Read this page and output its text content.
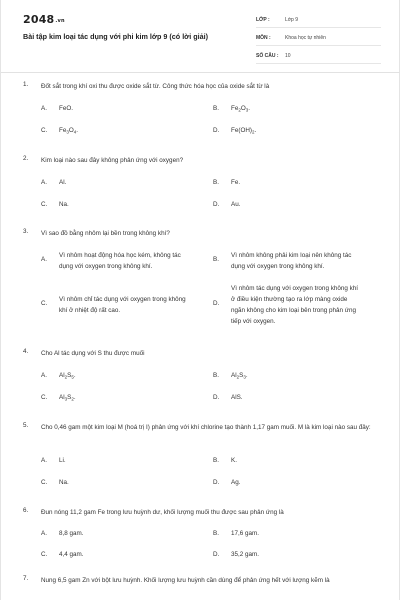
2048.vn
Bài tập kim loại tác dụng với phi kim lớp 9 (có lời giải)
LỚP :	Lớp 9
MÔN :	Khoa học tự nhiên
SỐ CÂU : 10
1. Đốt sắt trong khí oxi thu được oxide sắt từ. Công thức hóa học của oxide sắt từ là
A. FeO.	B. $Fe_2O_3$.
C. $Fe_3O_4$.	D. $Fe(OH)_2$.
2. Kim loại nào sau đây không phản ứng với oxygen?
A. Al.	B. Fe.
C. Na.	D. Au.
3. Vì sao đồ bằng nhôm lại bền trong không khí?
A.
Vì nhôm hoạt động hóa học kém, không tác dụng với oxygen trong không khí.
B.
Vì nhôm không phải kim loại nên không tác dụng với oxygen trong không khí.
C.
Vì nhôm chỉ tác dụng với oxygen trong không khí ở nhiệt độ rất cao.
D.
Vì nhôm tác dụng với oxygen trong không khí ở điều kiện thường tạo ra lớp màng oxide ngăn không cho kim loại bên trong phản ứng tiếp với oxygen.
4. Cho Al tác dụng với S thu được muối
A. $Al_2S_5$.	B. $Al_2S_3$.
C. $Al_3S_2$.	D. AlS.
5. Cho 0,46 gam một kim loại M (hoá trị I) phản ứng với khí chlorine tạo thành 1,17 gam muối. M là kim loại nào sau đây:
A. Li.	B. K.
C. Na.	D. Ag.
6. Đun nóng 11,2 gam Fe trong lưu huỳnh dư, khối lượng muối thu được sau phản ứng là
A. 8,8 gam.	B. 17,6 gam.
C. 4,4 gam.	D. 35,2 gam.
7. Nung 6,5 gam Zn với bột lưu huỳnh. Khối lượng lưu huỳnh cần dùng để phản ứng hết với lượng kẽm là
